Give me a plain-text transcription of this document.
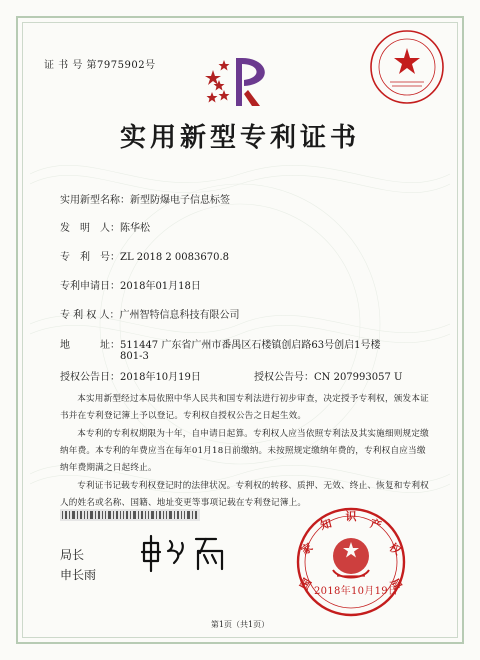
证 书 号 第7975902号
实用新型专利证书
实用新型名称：新型防爆电子信息标签
发　明　人：陈华松
专　利　号：ZL 2018 2 0083670.8
专利申请日：2018年01月18日
专 利 权 人：广州智特信息科技有限公司
地　　　址：511447 广东省广州市番禺区石楼镇创启路63号创启1号楼
801-3
授权公告日：2018年10月19日	授权公告号：CN 207993057 U

本实用新型经过本局依照中华人民共和国专利法进行初步审查，决定授予专利权，颁发本证书并在专利登记簿上予以登记。专利权自授权公告之日起生效。

本专利的专利权期限为十年，自申请日起算。专利权人应当依照专利法及其实施细则规定缴纳年费。本专利的年费应当在每年01月18日前缴纳。未按照规定缴纳年费的，专利权自应当缴纳年费期满之日起终止。

专利证书记载专利权登记时的法律状况。专利权的转移、质押、无效、终止、恢复和专利权人的姓名或名称、国籍、地址变更等事项记载在专利登记簿上。

局长
申长雨
国
家
知
识
产
权
局
2018年10月19日
第1页（共1页）
